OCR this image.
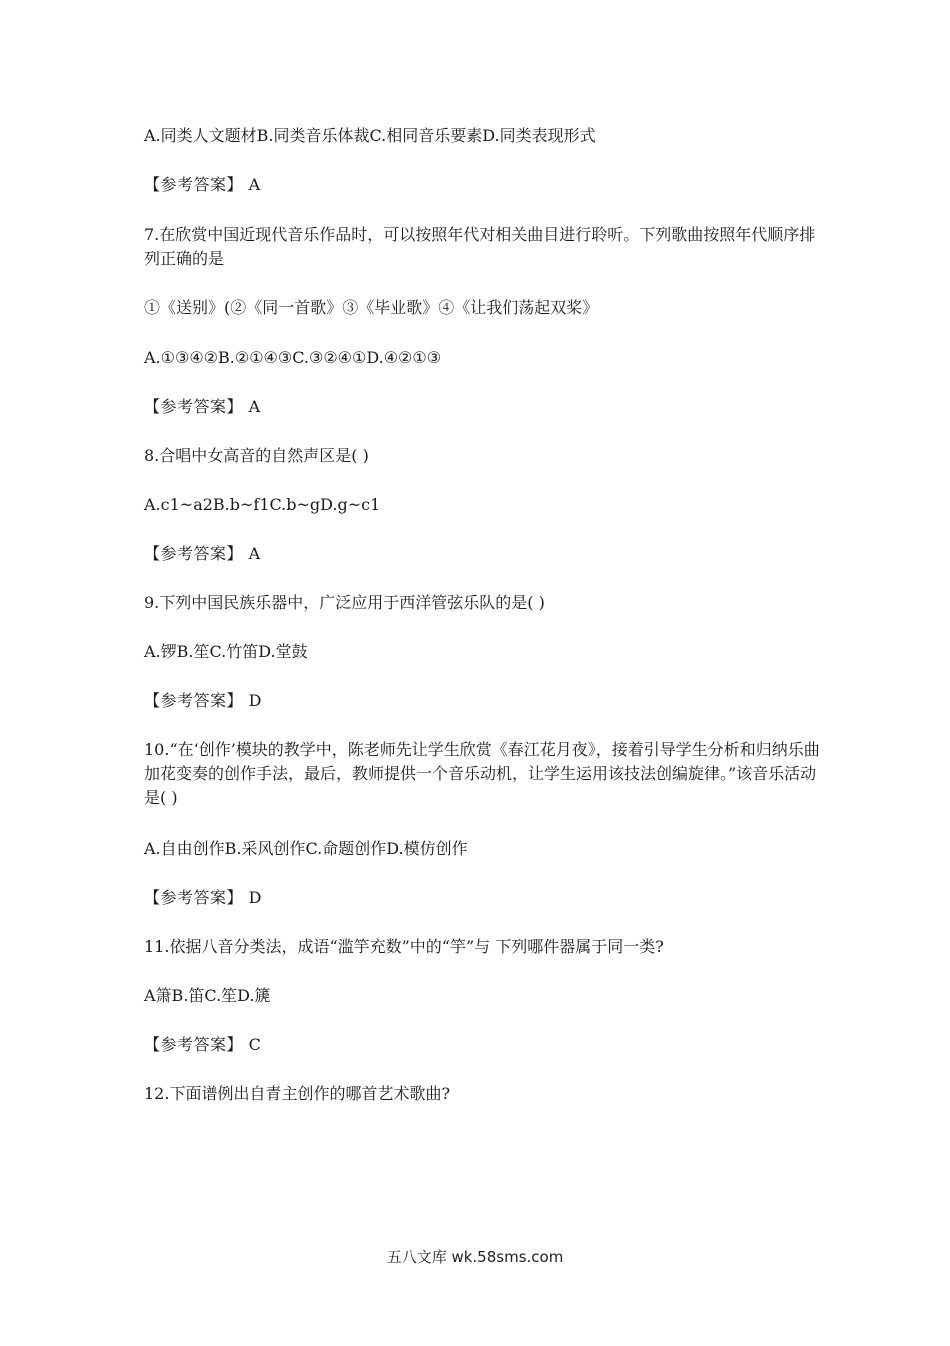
A.同类人文题材B.同类音乐体裁C.相同音乐要素D.同类表现形式
【参考答案】 A
7.在欣赏中国近现代音乐作品时，可以按照年代对相关曲目进行聆听。下列歌曲按照年代顺序排列正确的是
①《送别》(②《同一首歌》③《毕业歌》④《让我们荡起双桨》
A.①③④②B.②①④③C.③②④①D.④②①③
【参考答案】 A
8.合唱中女高音的自然声区是( )
A.c1~a2B.b~f1C.b~gD.g~c1
【参考答案】 A
9.下列中国民族乐器中，广泛应用于西洋管弦乐队的是( )
A.锣B.笙C.竹笛D.堂鼓
【参考答案】 D
10.“在‘创作’模块的教学中，陈老师先让学生欣赏《春江花月夜》，接着引导学生分析和归纳乐曲加花变奏的创作手法，最后，教师提供一个音乐动机，让学生运用该技法创编旋律。”该音乐活动是( )
A.自由创作B.采风创作C.命题创作D.模仿创作
【参考答案】 D
11.依据八音分类法，成语“滥竽充数”中的“竽”与 下列哪件器属于同一类?
A箫B.笛C.笙D.篪
【参考答案】 C
12.下面谱例出自青主创作的哪首艺术歌曲?
五八文库 wk.58sms.com
